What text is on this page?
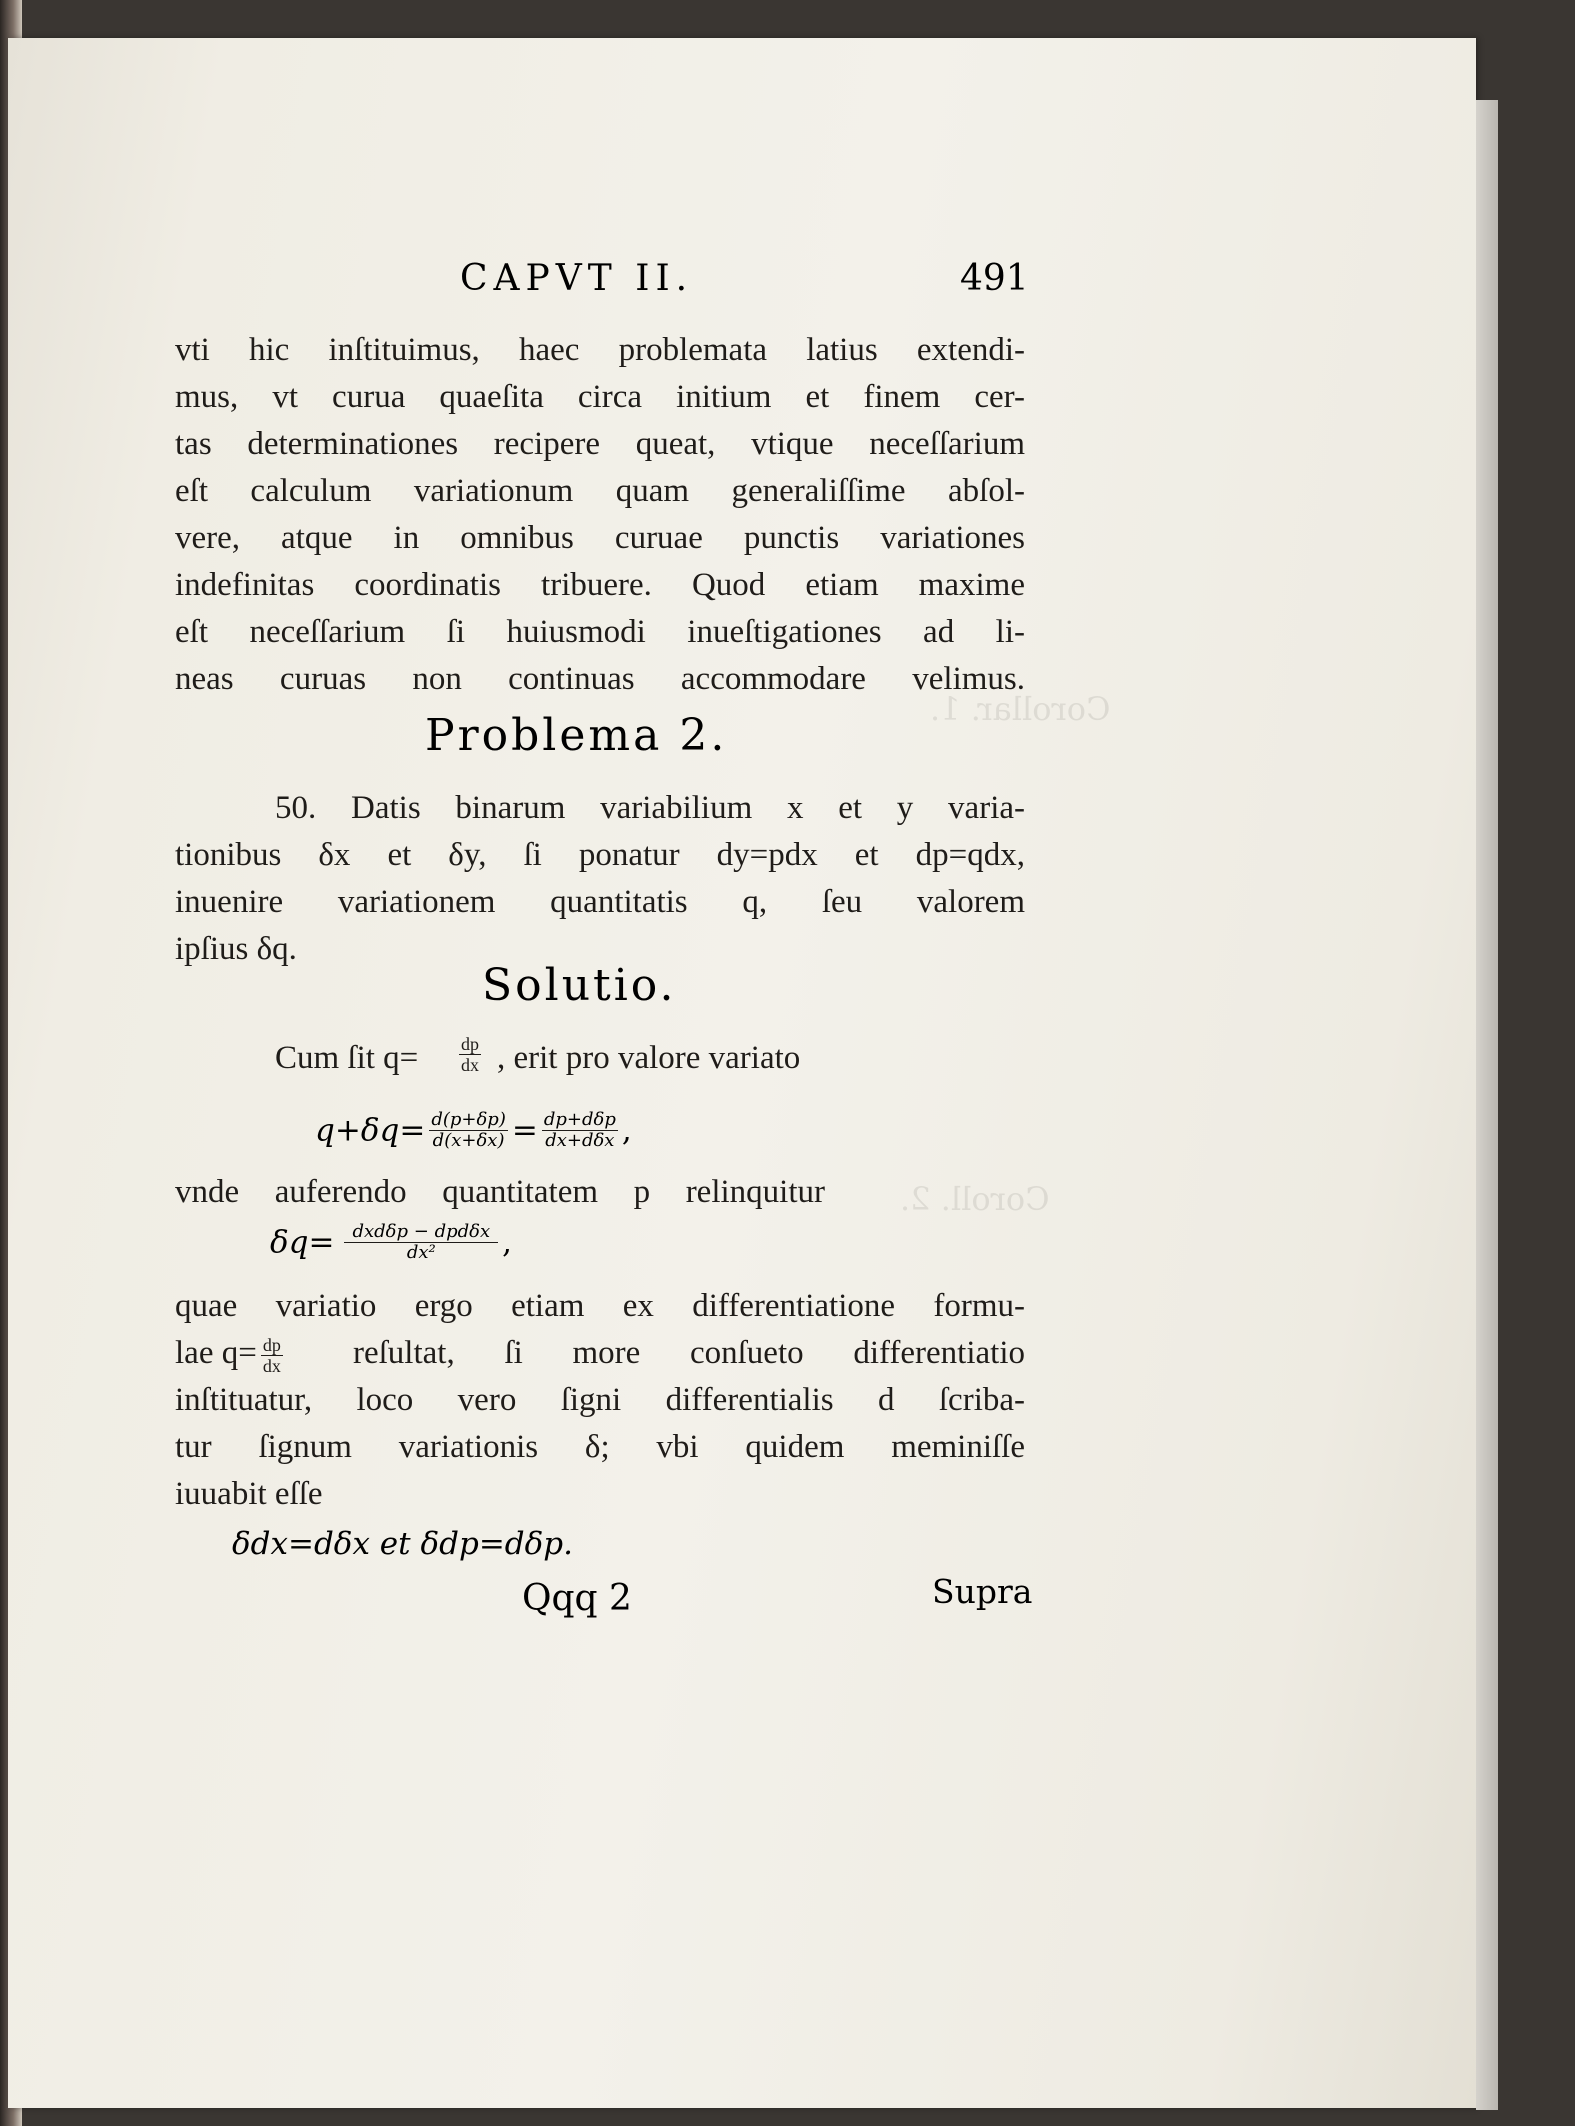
Corollar. 1.
Coroll. 2.
CAPVT II.	491
vti hic inſtituimus, haec problemata latius extendi-
mus, vt curua quaeſita circa initium et finem cer-
tas determinationes recipere queat, vtique neceſſarium
eſt calculum variationum quam generaliſſime abſol-
vere, atque in omnibus curuae punctis variationes
indefinitas coordinatis tribuere. Quod etiam maxime
eſt neceſſarium ſi huiusmodi inueſtigationes ad li-
neas curuas non continuas accommodare velimus.
Problema 2.
50. Datis binarum variabilium x et y varia-
tionibus δx et δy, ſi ponatur dy=pdx et dp=qdx,
inuenire variationem quantitatis q, ſeu valorem
ipſius δq.
Solutio.
Cum ſit $q= \frac{dp}{dx}$ , erit pro valore variato
$q+\delta q= \frac{d(p+\delta p)}{d(x+\delta x)} = \frac{\text{dp+dδp}}{\text{dx+dδx}}$ ,
vnde auferendo quantitatem p relinquitur
$\delta q= \frac{\text{dxdδp − dpdδx}}{\text{dx²}}$ ,
quae variatio ergo etiam ex differentiatione formu-
lae $q= \frac{dp}{dx}$ reſultat, ſi more conſueto differentiatio
inſtituatur, loco vero ſigni differentialis d ſcriba-
tur ſignum variationis δ; vbi quidem meminiſſe
iuuabit eſſe
δdx=dδx et δdp=dδp.
Qqq 2	Supra
